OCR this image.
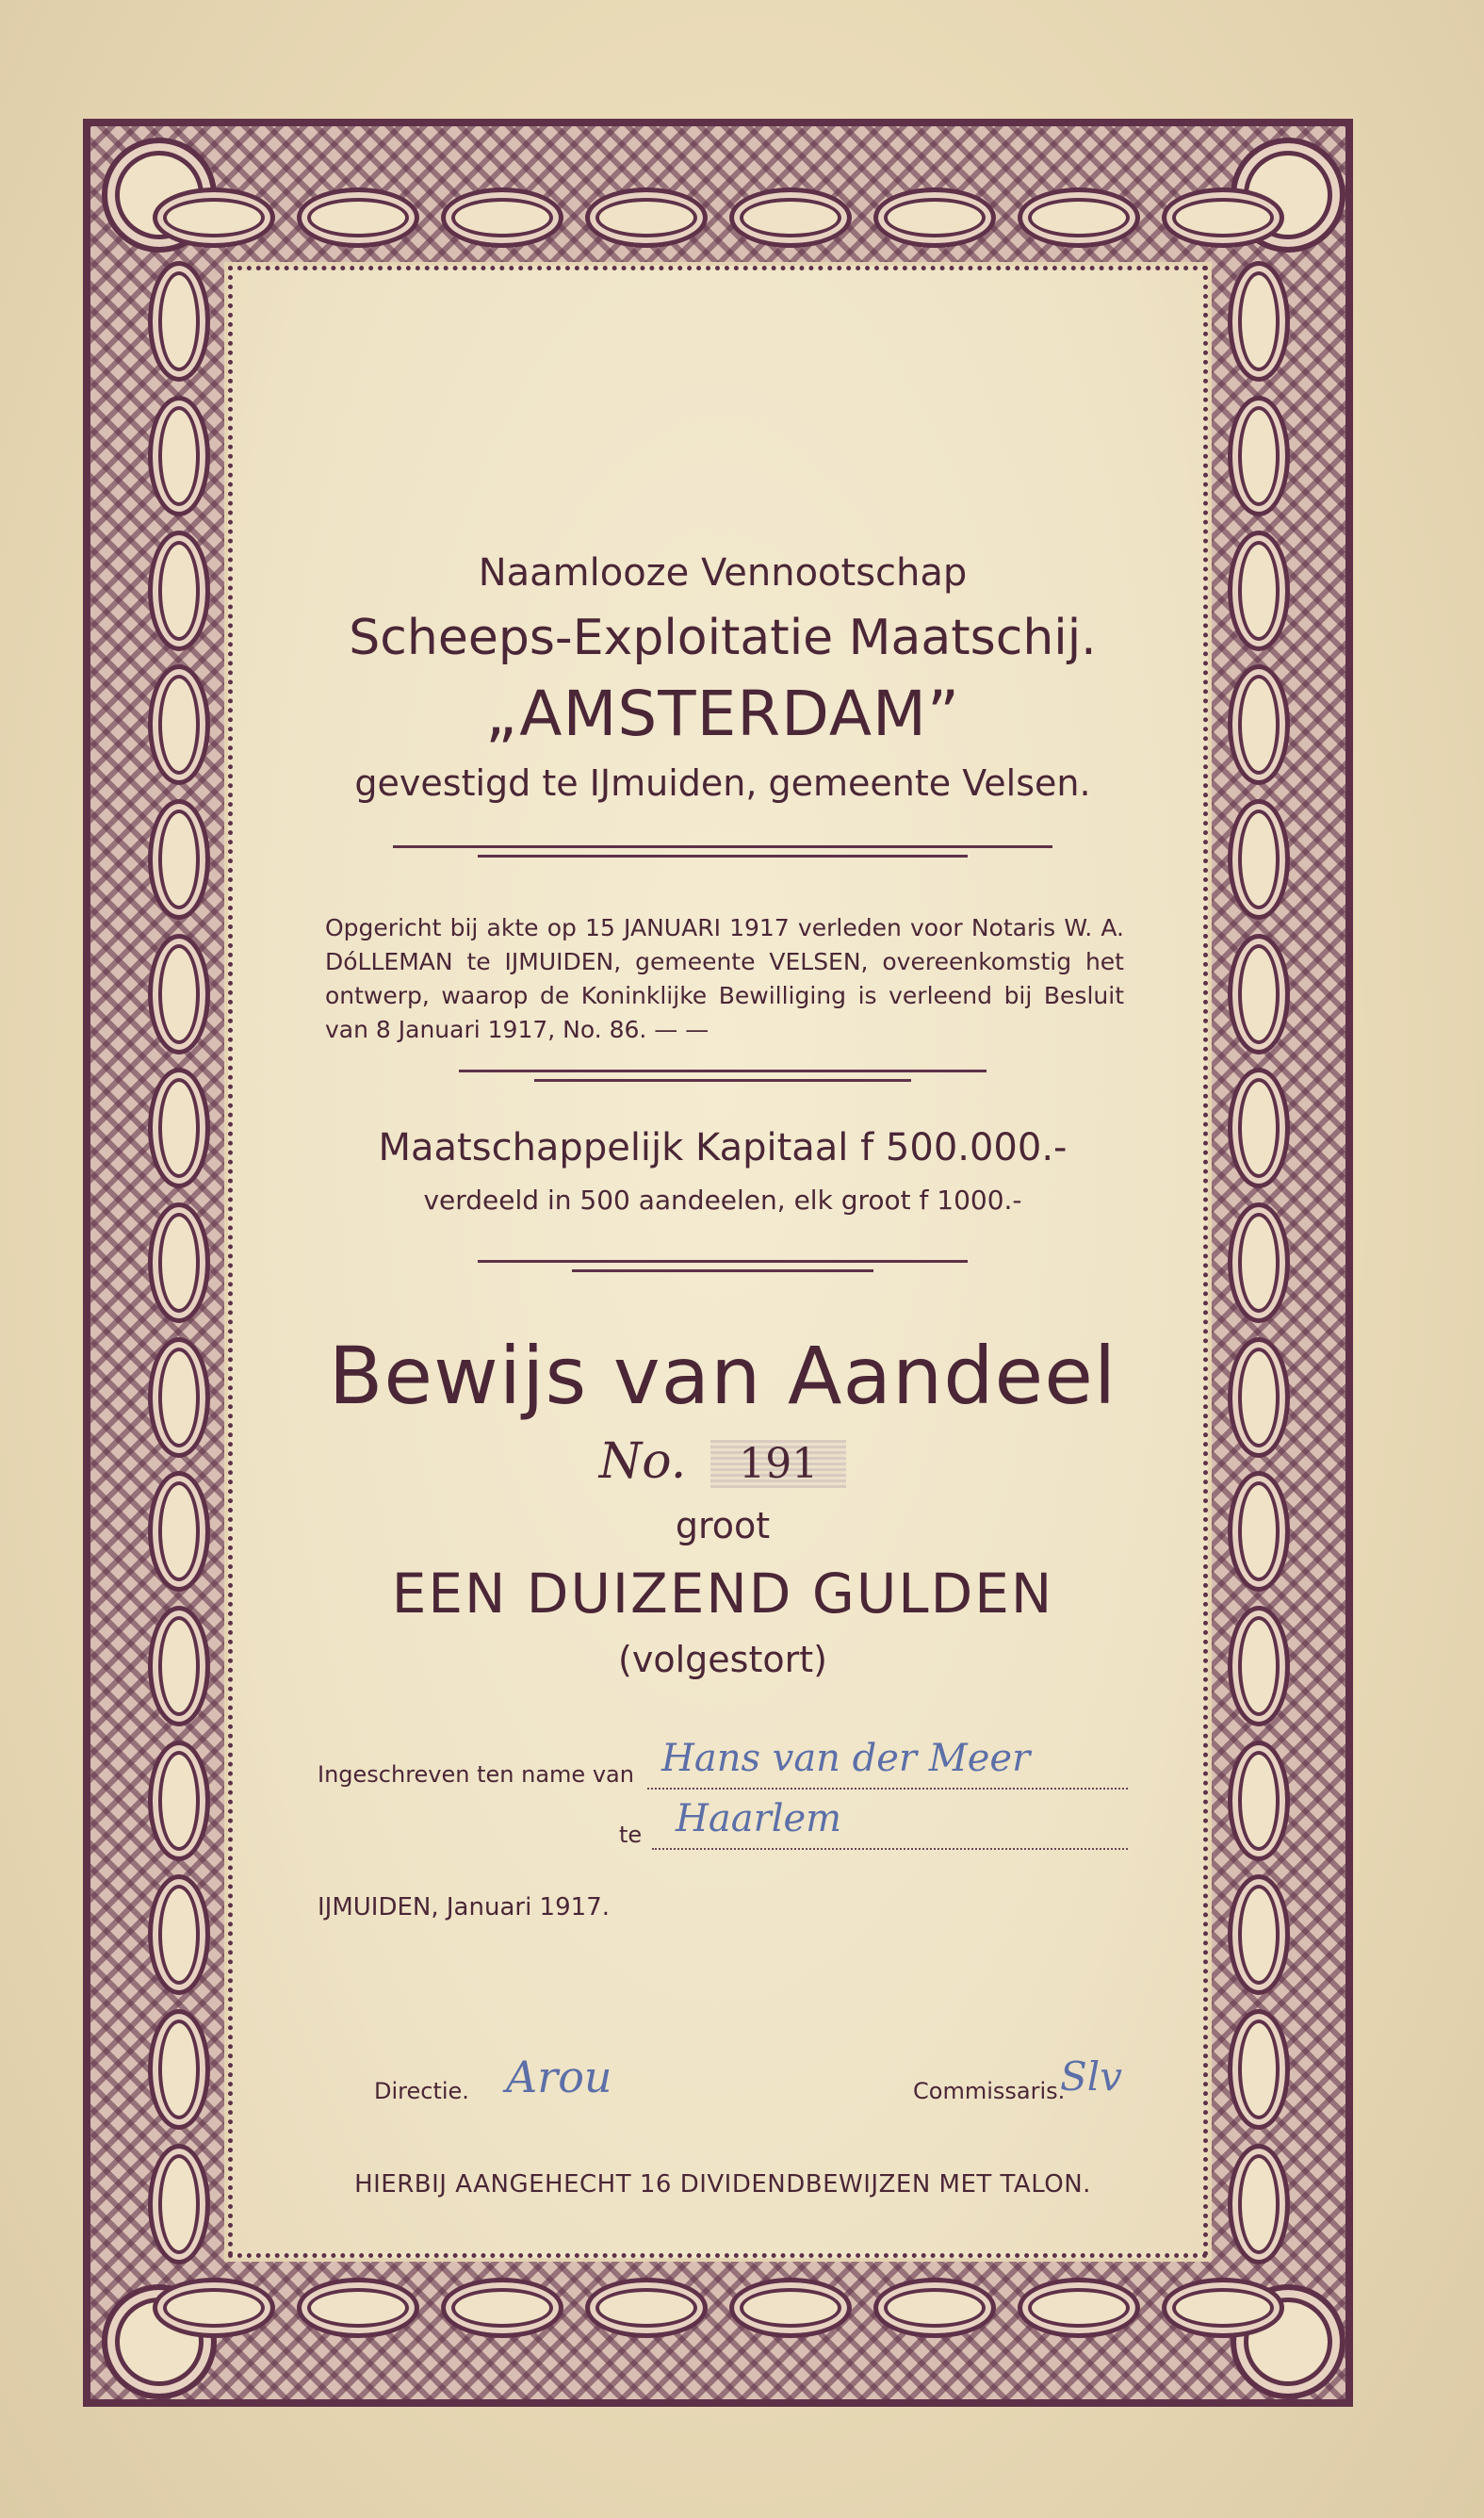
Naamlooze Vennootschap

Scheeps-Exploitatie Maatschij.

„AMSTERDAM”

gevestigd te IJmuiden, gemeente Velsen.

Opgericht bij akte op 15 JANUARI 1917 verleden voor Notaris W. A. DóLLEMAN te IJMUIDEN, gemeente VELSEN, overeenkomstig het ontwerp, waarop de Koninklijke Bewilliging is verleend bij Besluit van 8 Januari 1917, No. 86. — —

Maatschappelijk Kapitaal f 500.000.-

verdeeld in 500 aandeelen, elk groot f 1000.-

Bewijs van Aandeel

No. 191

groot

EEN DUIZEND GULDEN

(volgestort)

Ingeschreven ten name van Hans van der Meer
te Haarlem
IJMUIDEN, Januari 1917.
Directie. Arou	Commissaris.
Slv

HIERBIJ AANGEHECHT 16 DIVIDENDBEWIJZEN MET TALON.
